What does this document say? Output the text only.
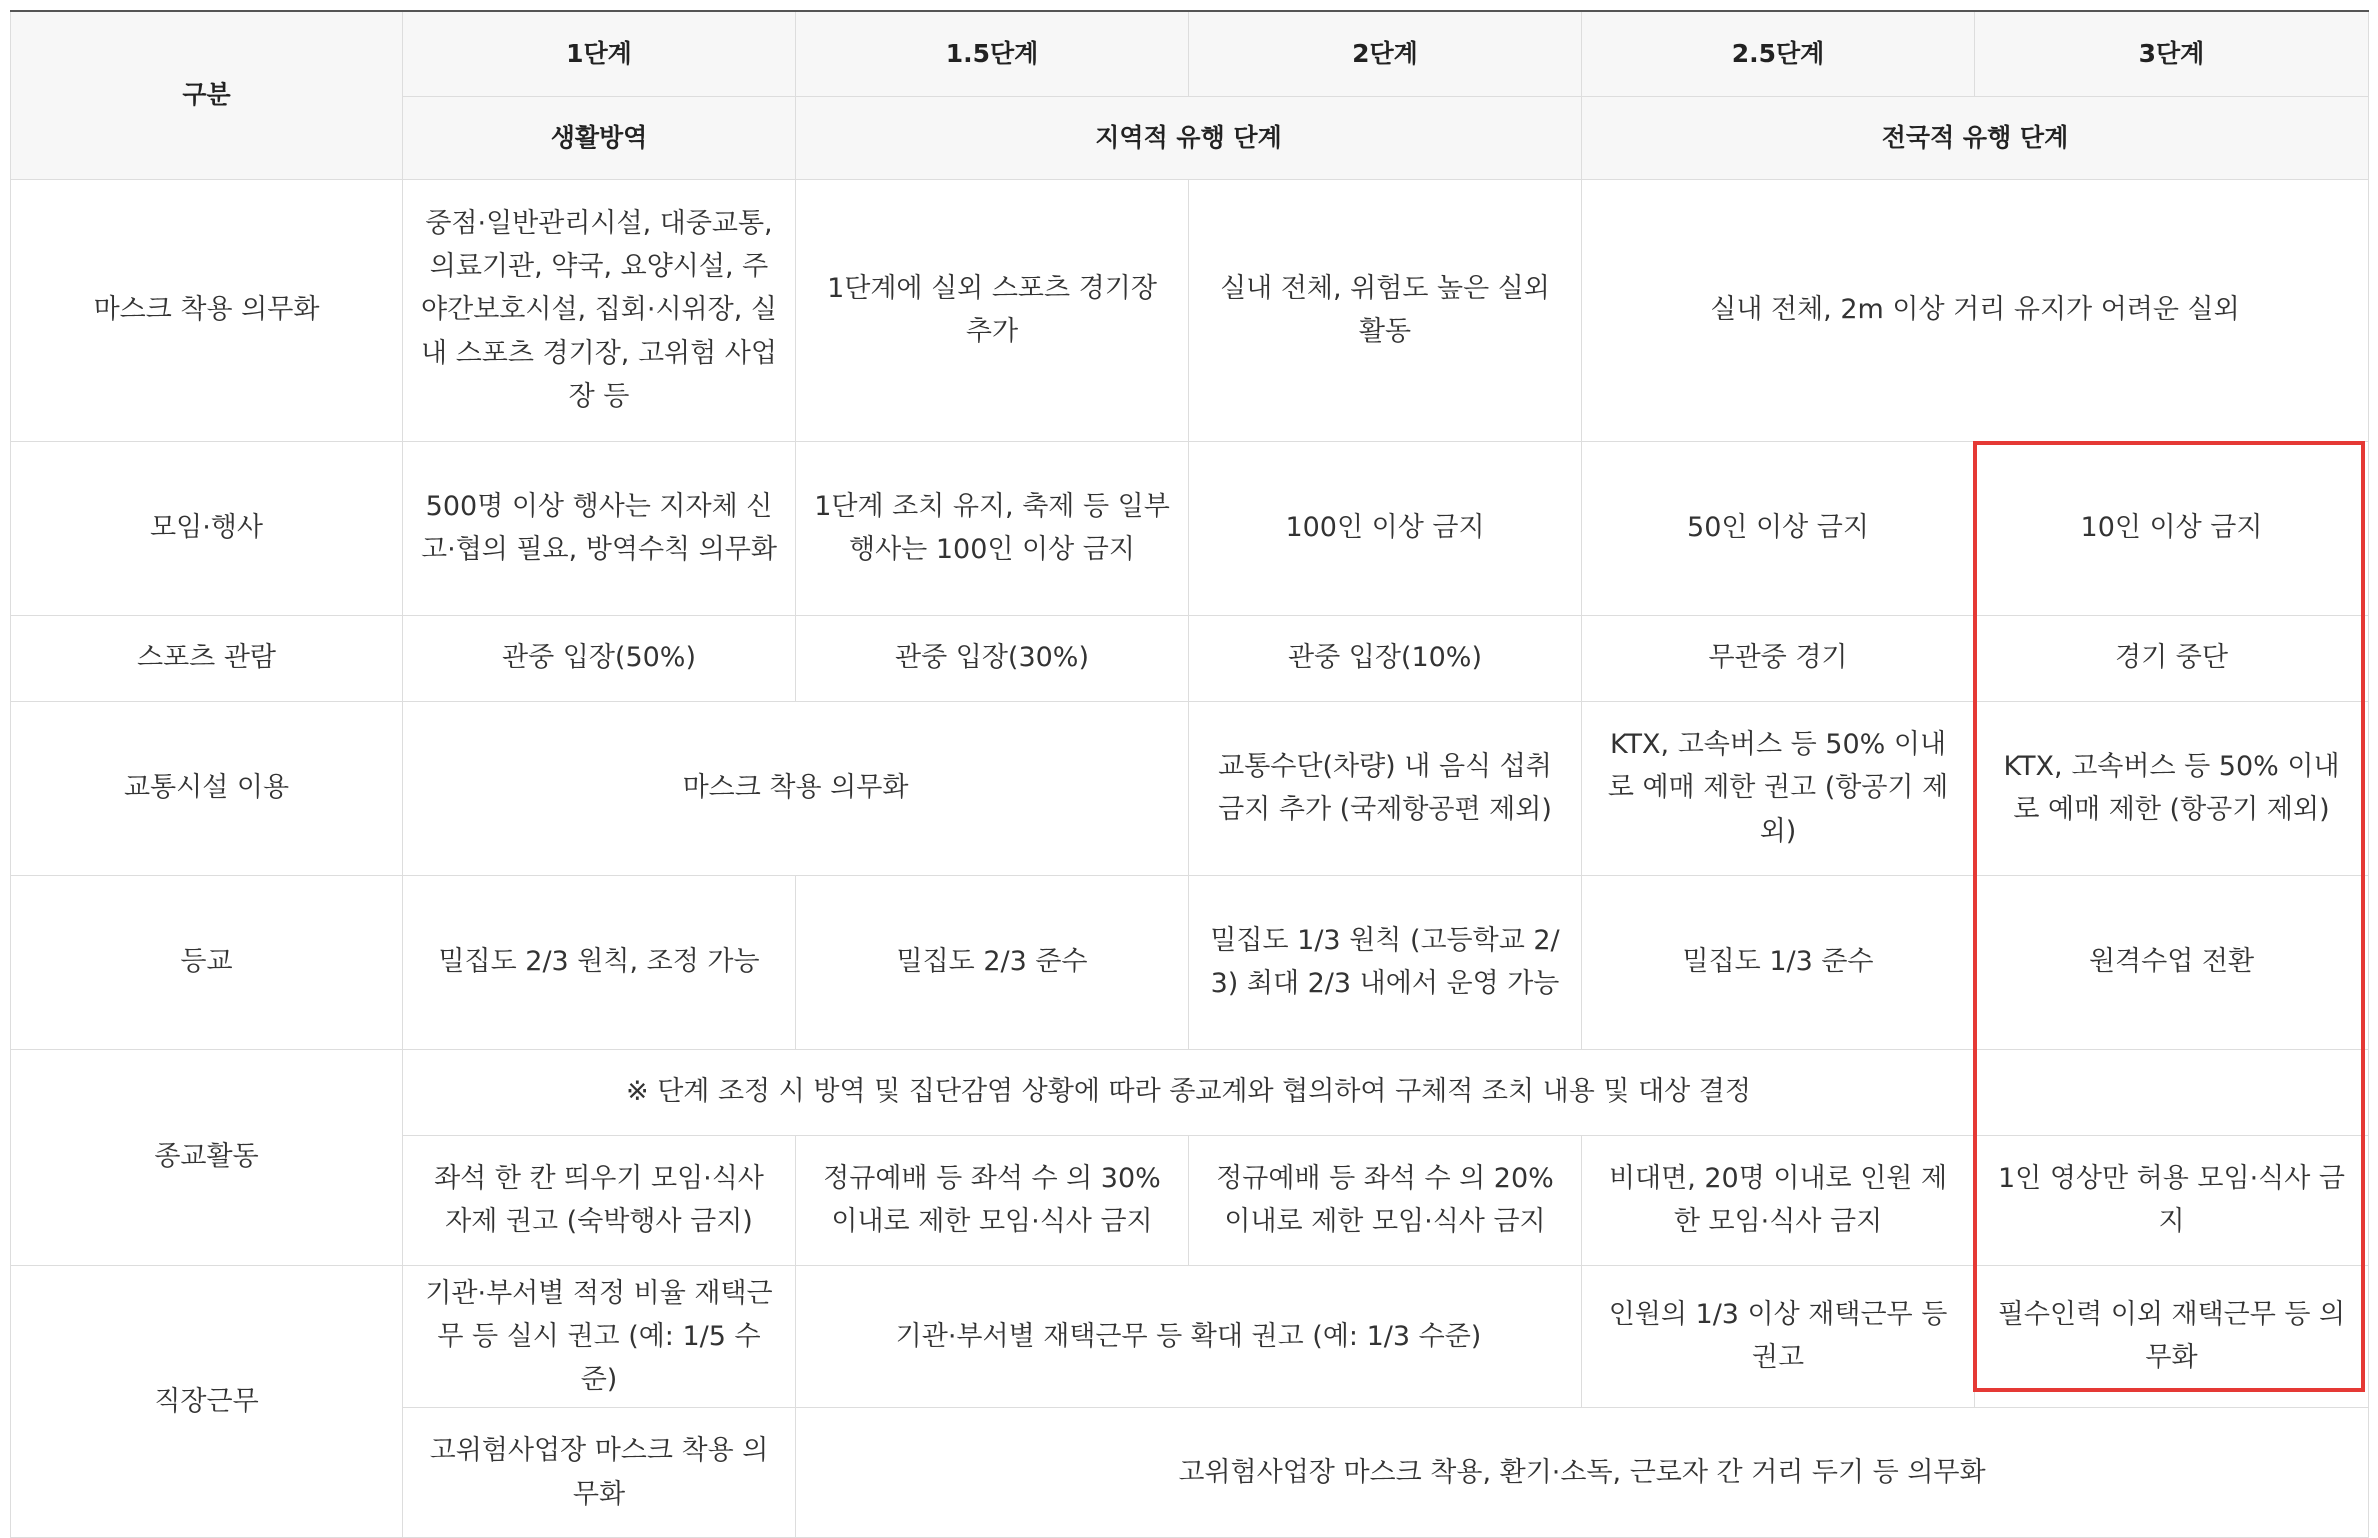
구분	1단계	1.5단계	2단계	2.5단계	3단계
	생활방역	지역적 유행 단계		전국적 유행 단계	
마스크 착용 의무화	중점·일반관리시설, 대중교통, 의료기관, 약국, 요양시설, 주야간보호시설, 집회·시위장, 실내 스포츠 경기장, 고위험 사업장 등	1단계에 실외 스포츠 경기장 추가	실내 전체, 위험도 높은 실외 활동	실내 전체, 2m 이상 거리 유지가 어려운 실외	
모임·행사	500명 이상 행사는 지자체 신고·협의 필요, 방역수칙 의무화	1단계 조치 유지, 축제 등 일부 행사는 100인 이상 금지	100인 이상 금지	50인 이상 금지	10인 이상 금지
스포츠 관람	관중 입장(50%)	관중 입장(30%)	관중 입장(10%)	무관중 경기	경기 중단
교통시설 이용	마스크 착용 의무화		교통수단(차량) 내 음식 섭취 금지 추가 (국제항공편 제외)	KTX, 고속버스 등 50% 이내로 예매 제한 권고 (항공기 제외)	KTX, 고속버스 등 50% 이내로 예매 제한 (항공기 제외)
등교	밀집도 2/3 원칙, 조정 가능	밀집도 2/3 준수	밀집도 1/3 원칙 (고등학교 2/3) 최대 2/3 내에서 운영 가능	밀집도 1/3 준수	원격수업 전환
종교활동	※ 단계 조정 시 방역 및 집단감염 상황에 따라 종교계와 협의하여 구체적 조치 내용 및 대상 결정				
	좌석 한 칸 띄우기 모임·식사 자제 권고 (숙박행사 금지)	정규예배 등 좌석 수 의 30% 이내로 제한 모임·식사 금지	정규예배 등 좌석 수 의 20% 이내로 제한 모임·식사 금지	비대면, 20명 이내로 인원 제한 모임·식사 금지	1인 영상만 허용 모임·식사 금지
직장근무	기관·부서별 적정 비율 재택근무 등 실시 권고 (예: 1/5 수준)	기관·부서별 재택근무 등 확대 권고 (예: 1/3 수준)		인원의 1/3 이상 재택근무 등 권고	필수인력 이외 재택근무 등 의무화
	고위험사업장 마스크 착용 의무화	고위험사업장 마스크 착용, 환기·소독, 근로자 간 거리 두기 등 의무화			
